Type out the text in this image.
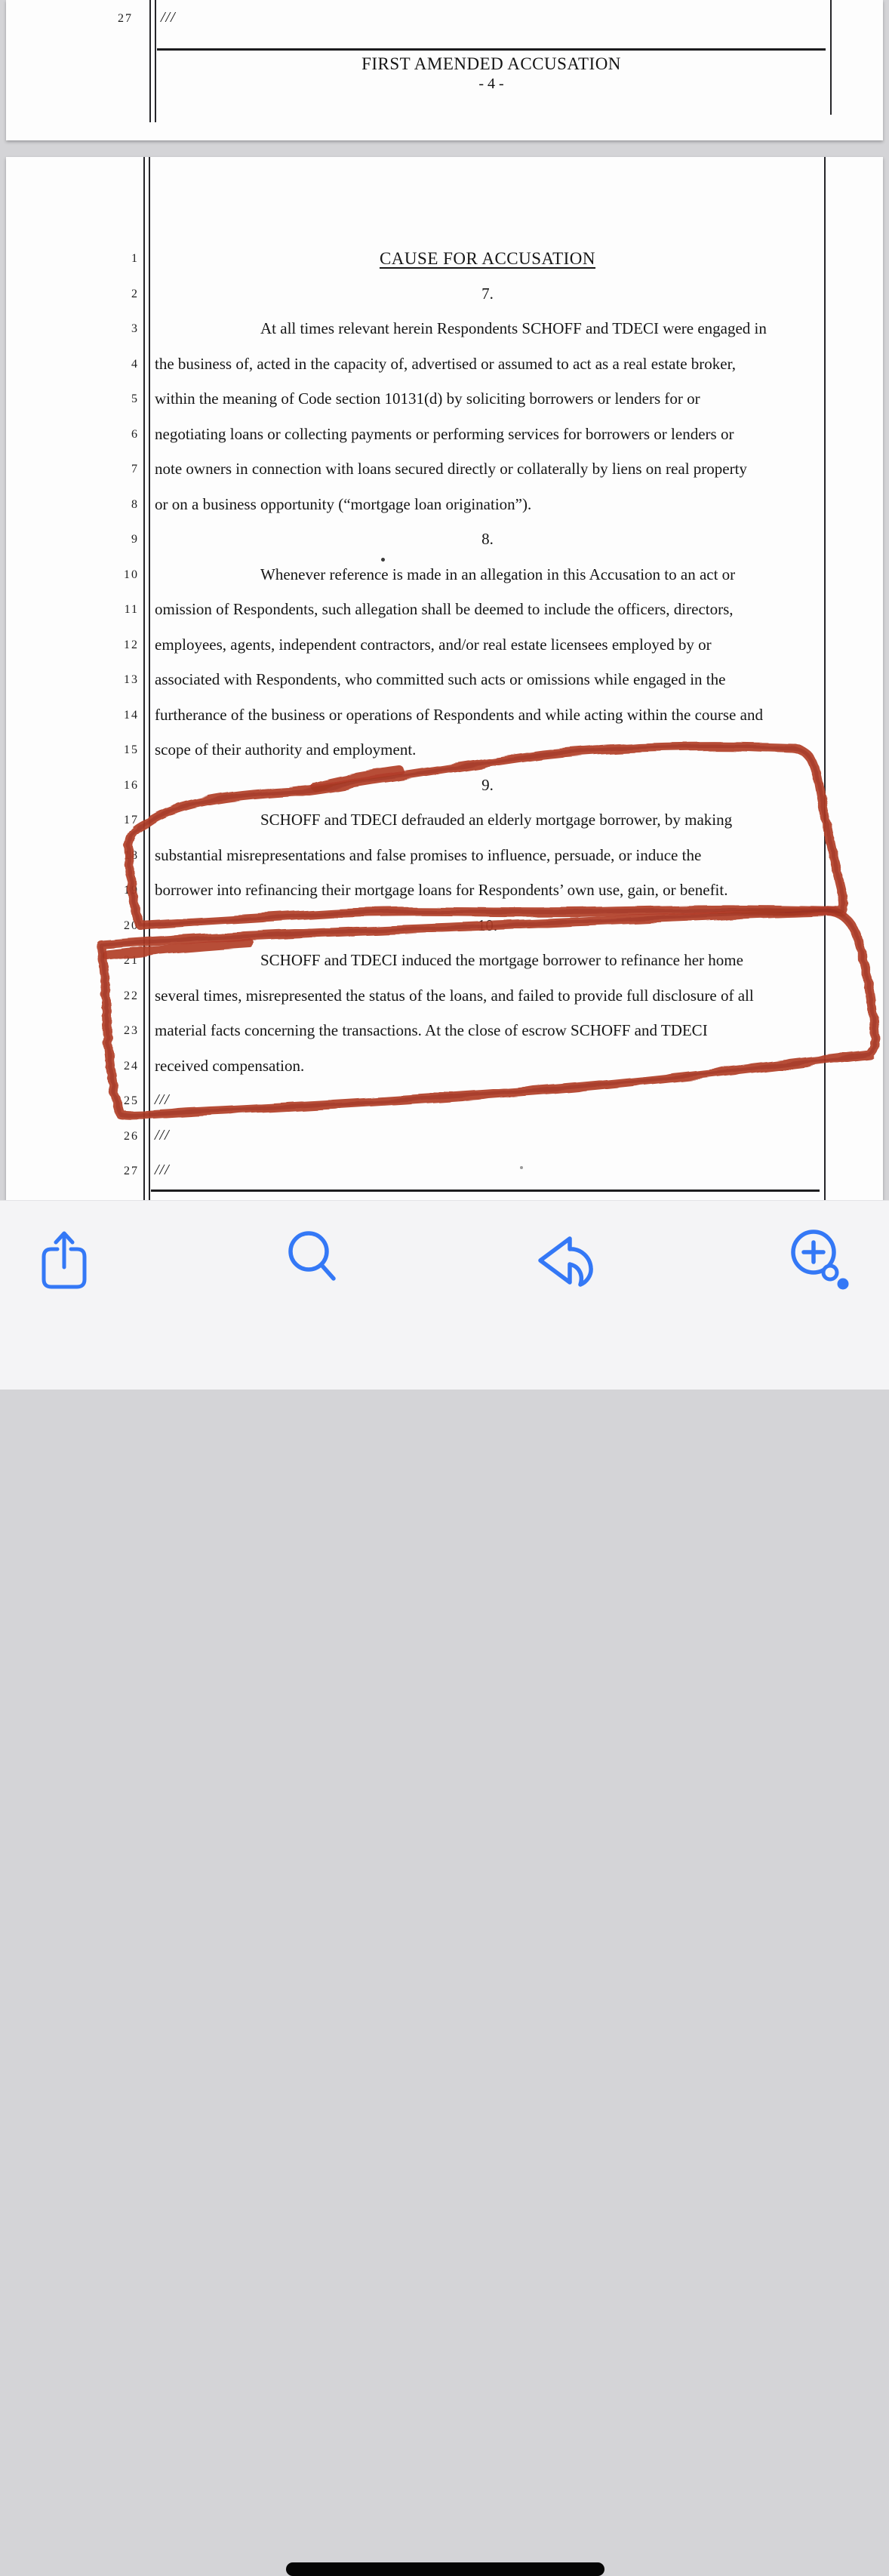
27 ///
FIRST AMENDED ACCUSATION
- 4 -
1	CAUSE FOR ACCUSATION
2	7.
3	At all times relevant herein Respondents SCHOFF and TDECI were engaged in
4 the business of, acted in the capacity of, advertised or assumed to act as a real estate broker,
5 within the meaning of Code section 10131(d) by soliciting borrowers or lenders for or
6 negotiating loans or collecting payments or performing services for borrowers or lenders or
7 note owners in connection with loans secured directly or collaterally by liens on real property
8 or on a business opportunity (“mortgage loan origination”).
9	8.
10	Whenever reference is made in an allegation in this Accusation to an act or
11 omission of Respondents, such allegation shall be deemed to include the officers, directors,
12 employees, agents, independent contractors, and/or real estate licensees employed by or
13 associated with Respondents, who committed such acts or omissions while engaged in the
14 furtherance of the business or operations of Respondents and while acting within the course and
15 scope of their authority and employment.
16	9.
17	SCHOFF and TDECI defrauded an elderly mortgage borrower, by making
18 substantial misrepresentations and false promises to influence, persuade, or induce the
19 borrower into refinancing their mortgage loans for Respondents’ own use, gain, or benefit.
20	10.
21	SCHOFF and TDECI induced the mortgage borrower to refinance her home
22 several times, misrepresented the status of the loans, and failed to provide full disclosure of all
23 material facts concerning the transactions. At the close of escrow SCHOFF and TDECI
24 received compensation.
25 ///
26 ///
27 ///
